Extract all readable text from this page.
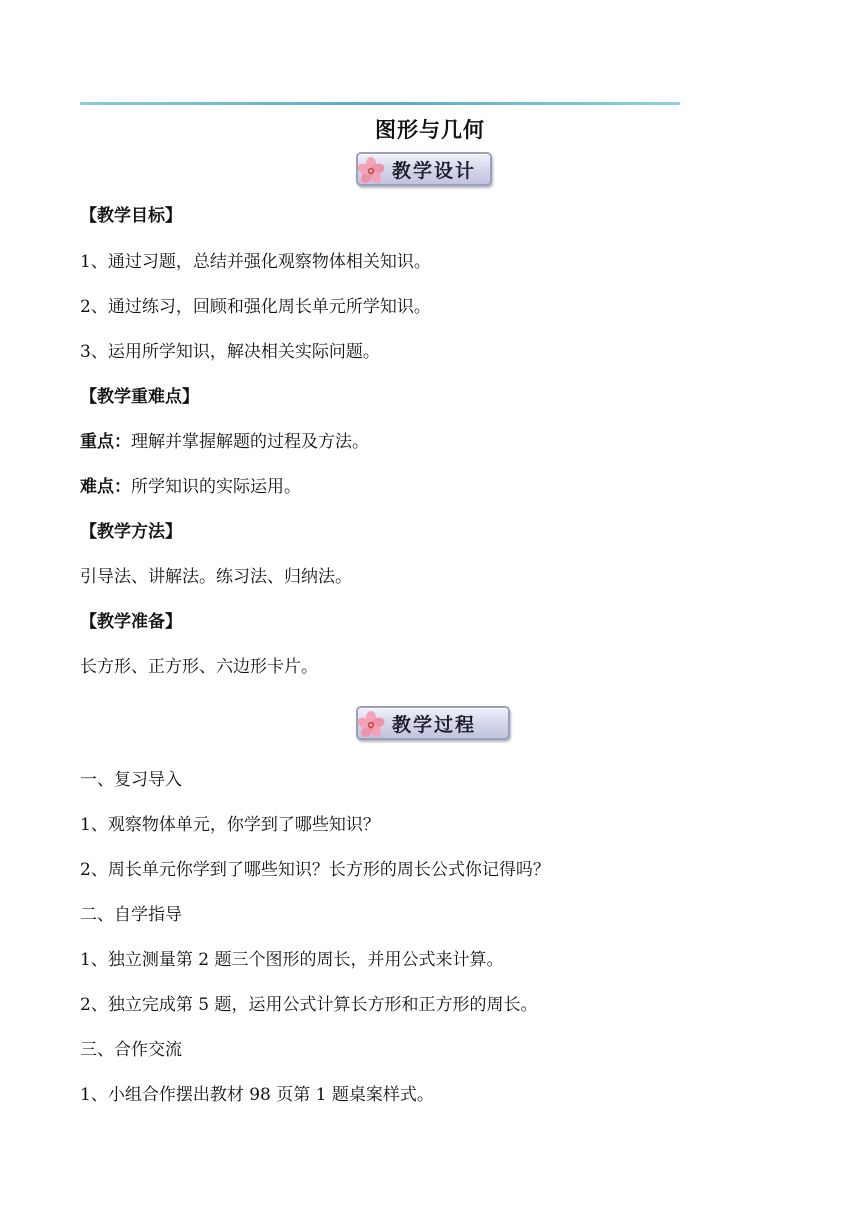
图形与几何
教学设计
【教学目标】
1、通过习题，总结并强化观察物体相关知识。
2、通过练习，回顾和强化周长单元所学知识。
3、运用所学知识，解决相关实际问题。
【教学重难点】
重点：理解并掌握解题的过程及方法。
难点：所学知识的实际运用。
【教学方法】
引导法、讲解法。练习法、归纳法。
【教学准备】
长方形、正方形、六边形卡片。
教学过程
一、复习导入
1、观察物体单元，你学到了哪些知识？
2、周长单元你学到了哪些知识？长方形的周长公式你记得吗？
二、自学指导
1、独立测量第 2 题三个图形的周长，并用公式来计算。
2、独立完成第 5 题，运用公式计算长方形和正方形的周长。
三、合作交流
1、小组合作摆出教材 98 页第 1 题桌案样式。
